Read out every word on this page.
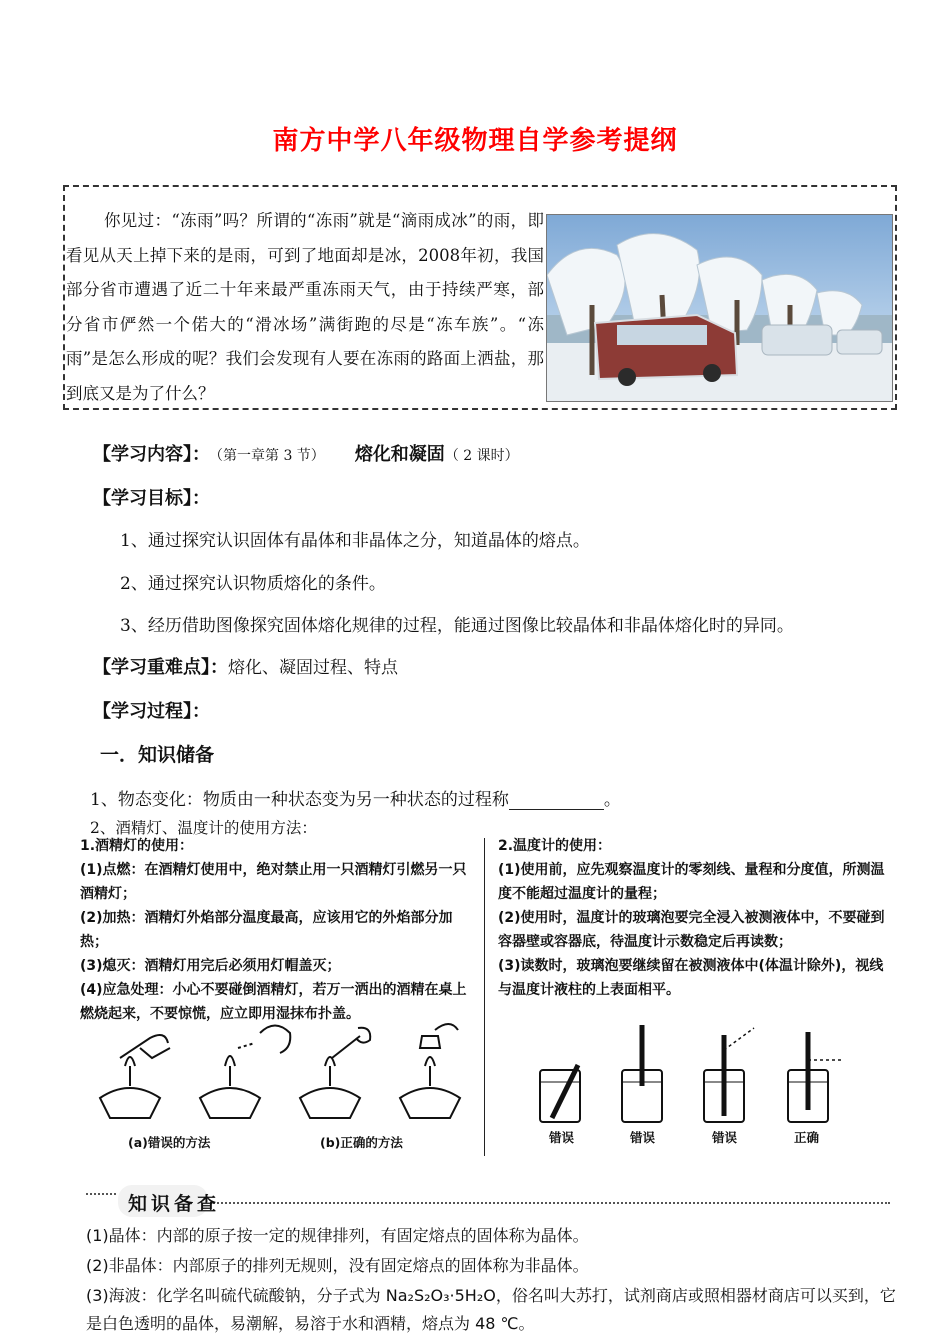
南方中学八年级物理自学参考提纲
你见过：“冻雨”吗？所谓的“冻雨”就是“滴雨成冰”的雨，即看见从天上掉下来的是雨，可到了地面却是冰，2008年初，我国部分省市遭遇了近二十年来最严重冻雨天气，由于持续严寒，部分省市俨然一个偌大的“滑冰场”满街跑的尽是“冻车族”。“冻雨”是怎么形成的呢？我们会发现有人要在冻雨的路面上洒盐，那到底又是为了什么？
【学习内容】： （第一章第 3 节） 熔化和凝固（ 2 课时）
【学习目标】：
1、通过探究认识固体有晶体和非晶体之分，知道晶体的熔点。
2、通过探究认识物质熔化的条件。
3、经历借助图像探究固体熔化规律的过程，能通过图像比较晶体和非晶体熔化时的异同。
【学习重难点】：熔化、凝固过程、特点
【学习过程】：
一．知识储备
1、物态变化：物质由一种状态变为另一种状态的过程称	。
2、酒精灯、温度计的使用方法：

1.酒精灯的使用：

(1)点燃：在酒精灯使用中，绝对禁止用一只酒精灯引燃另一只酒精灯；

(2)加热：酒精灯外焰部分温度最高，应该用它的外焰部分加热；

(3)熄灭：酒精灯用完后必须用灯帽盖灭；

(4)应急处理：小心不要碰倒酒精灯，若万一洒出的酒精在桌上燃烧起来，不要惊慌，应立即用湿抹布扑盖。

(a)错误的方法	(b)正确的方法

2.温度计的使用：

(1)使用前，应先观察温度计的零刻线、量程和分度值，所测温度不能超过温度计的量程；

(2)使用时，温度计的玻璃泡要完全浸入被测液体中，不要碰到容器壁或容器底，待温度计示数稳定后再读数；

(3)读数时，玻璃泡要继续留在被测液体中(体温计除外)，视线与温度计液柱的上表面相平。

错误	错误	错误	正确
知识备查
(1)晶体：内部的原子按一定的规律排列，有固定熔点的固体称为晶体。
(2)非晶体：内部原子的排列无规则，没有固定熔点的固体称为非晶体。
(3)海波：化学名叫硫代硫酸钠，分子式为 Na₂S₂O₃·5H₂O，俗名叫大苏打，试剂商店或照相器材商店可以买到，它是白色透明的晶体，易潮解，易溶于水和酒精，熔点为 48 ℃。
